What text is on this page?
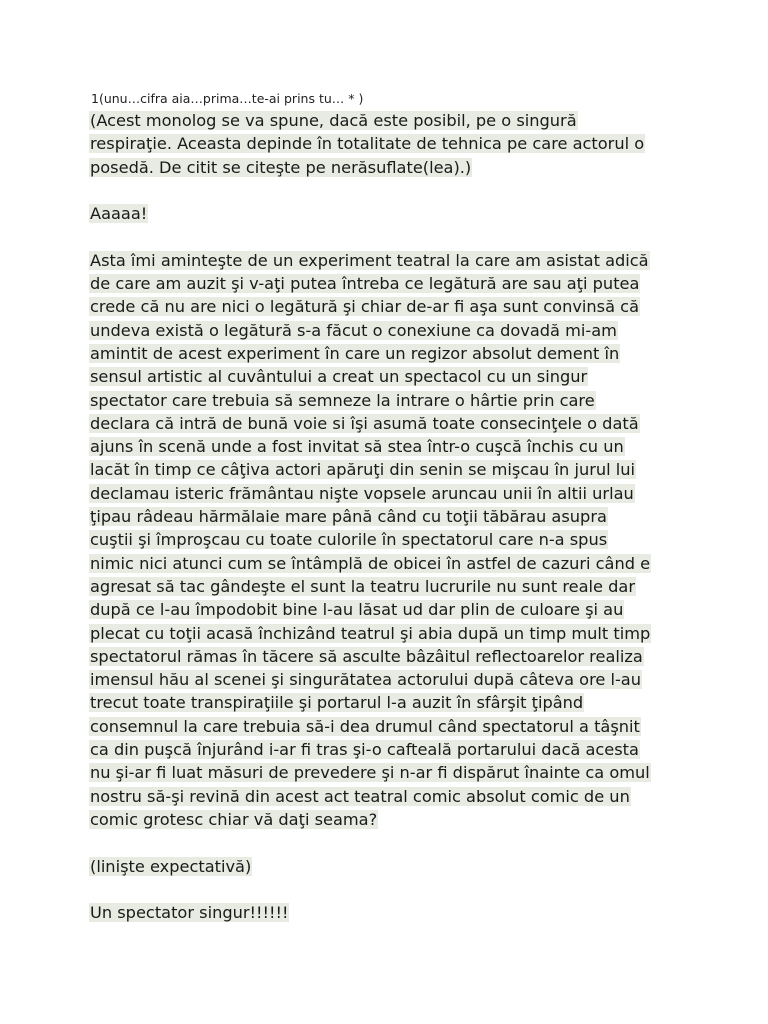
1(unu…cifra aia…prima…te-ai prins tu… * )
(Acest monolog se va spune, dacă este posibil, pe o singură
respiraţie. Aceasta depinde în totalitate de tehnica pe care actorul o
posedă. De citit se citeşte pe nerăsuflate(lea).)
Aaaaa!
Asta îmi aminteşte de un experiment teatral la care am asistat adică
de care am auzit şi v-aţi putea întreba ce legătură are sau aţi putea
crede că nu are nici o legătură şi chiar de-ar fi aşa sunt convinsă că
undeva există o legătură s-a făcut o conexiune ca dovadă mi-am
amintit de acest experiment în care un regizor absolut dement în
sensul artistic al cuvântului a creat un spectacol cu un singur
spectator care trebuia să semneze la intrare o hârtie prin care
declara că intră de bună voie si îşi asumă toate consecinţele o dată
ajuns în scenă unde a fost invitat să stea într-o cuşcă închis cu un
lacăt în timp ce câţiva actori apăruţi din senin se mişcau în jurul lui
declamau isteric frământau nişte vopsele aruncau unii în altii urlau
ţipau râdeau hărmălaie mare până când cu toţii tăbărau asupra
cuştii şi împroşcau cu toate culorile în spectatorul care n-a spus
nimic nici atunci cum se întâmplă de obicei în astfel de cazuri când e
agresat să tac gândeşte el sunt la teatru lucrurile nu sunt reale dar
după ce l-au împodobit bine l-au lăsat ud dar plin de culoare şi au
plecat cu toţii acasă închizând teatrul şi abia după un timp mult timp
spectatorul rămas în tăcere să asculte bâzâitul reflectoarelor realiza
imensul hău al scenei şi singurătatea actorului după câteva ore l-au
trecut toate transpiraţiile şi portarul l-a auzit în sfârşit ţipând
consemnul la care trebuia să-i dea drumul când spectatorul a tâşnit
ca din puşcă înjurând i-ar fi tras şi-o cafteală portarului dacă acesta
nu şi-ar fi luat măsuri de prevedere şi n-ar fi dispărut înainte ca omul
nostru să-şi revină din acest act teatral comic absolut comic de un
comic grotesc chiar vă daţi seama?
(linişte expectativă)
Un spectator singur!!!!!!
